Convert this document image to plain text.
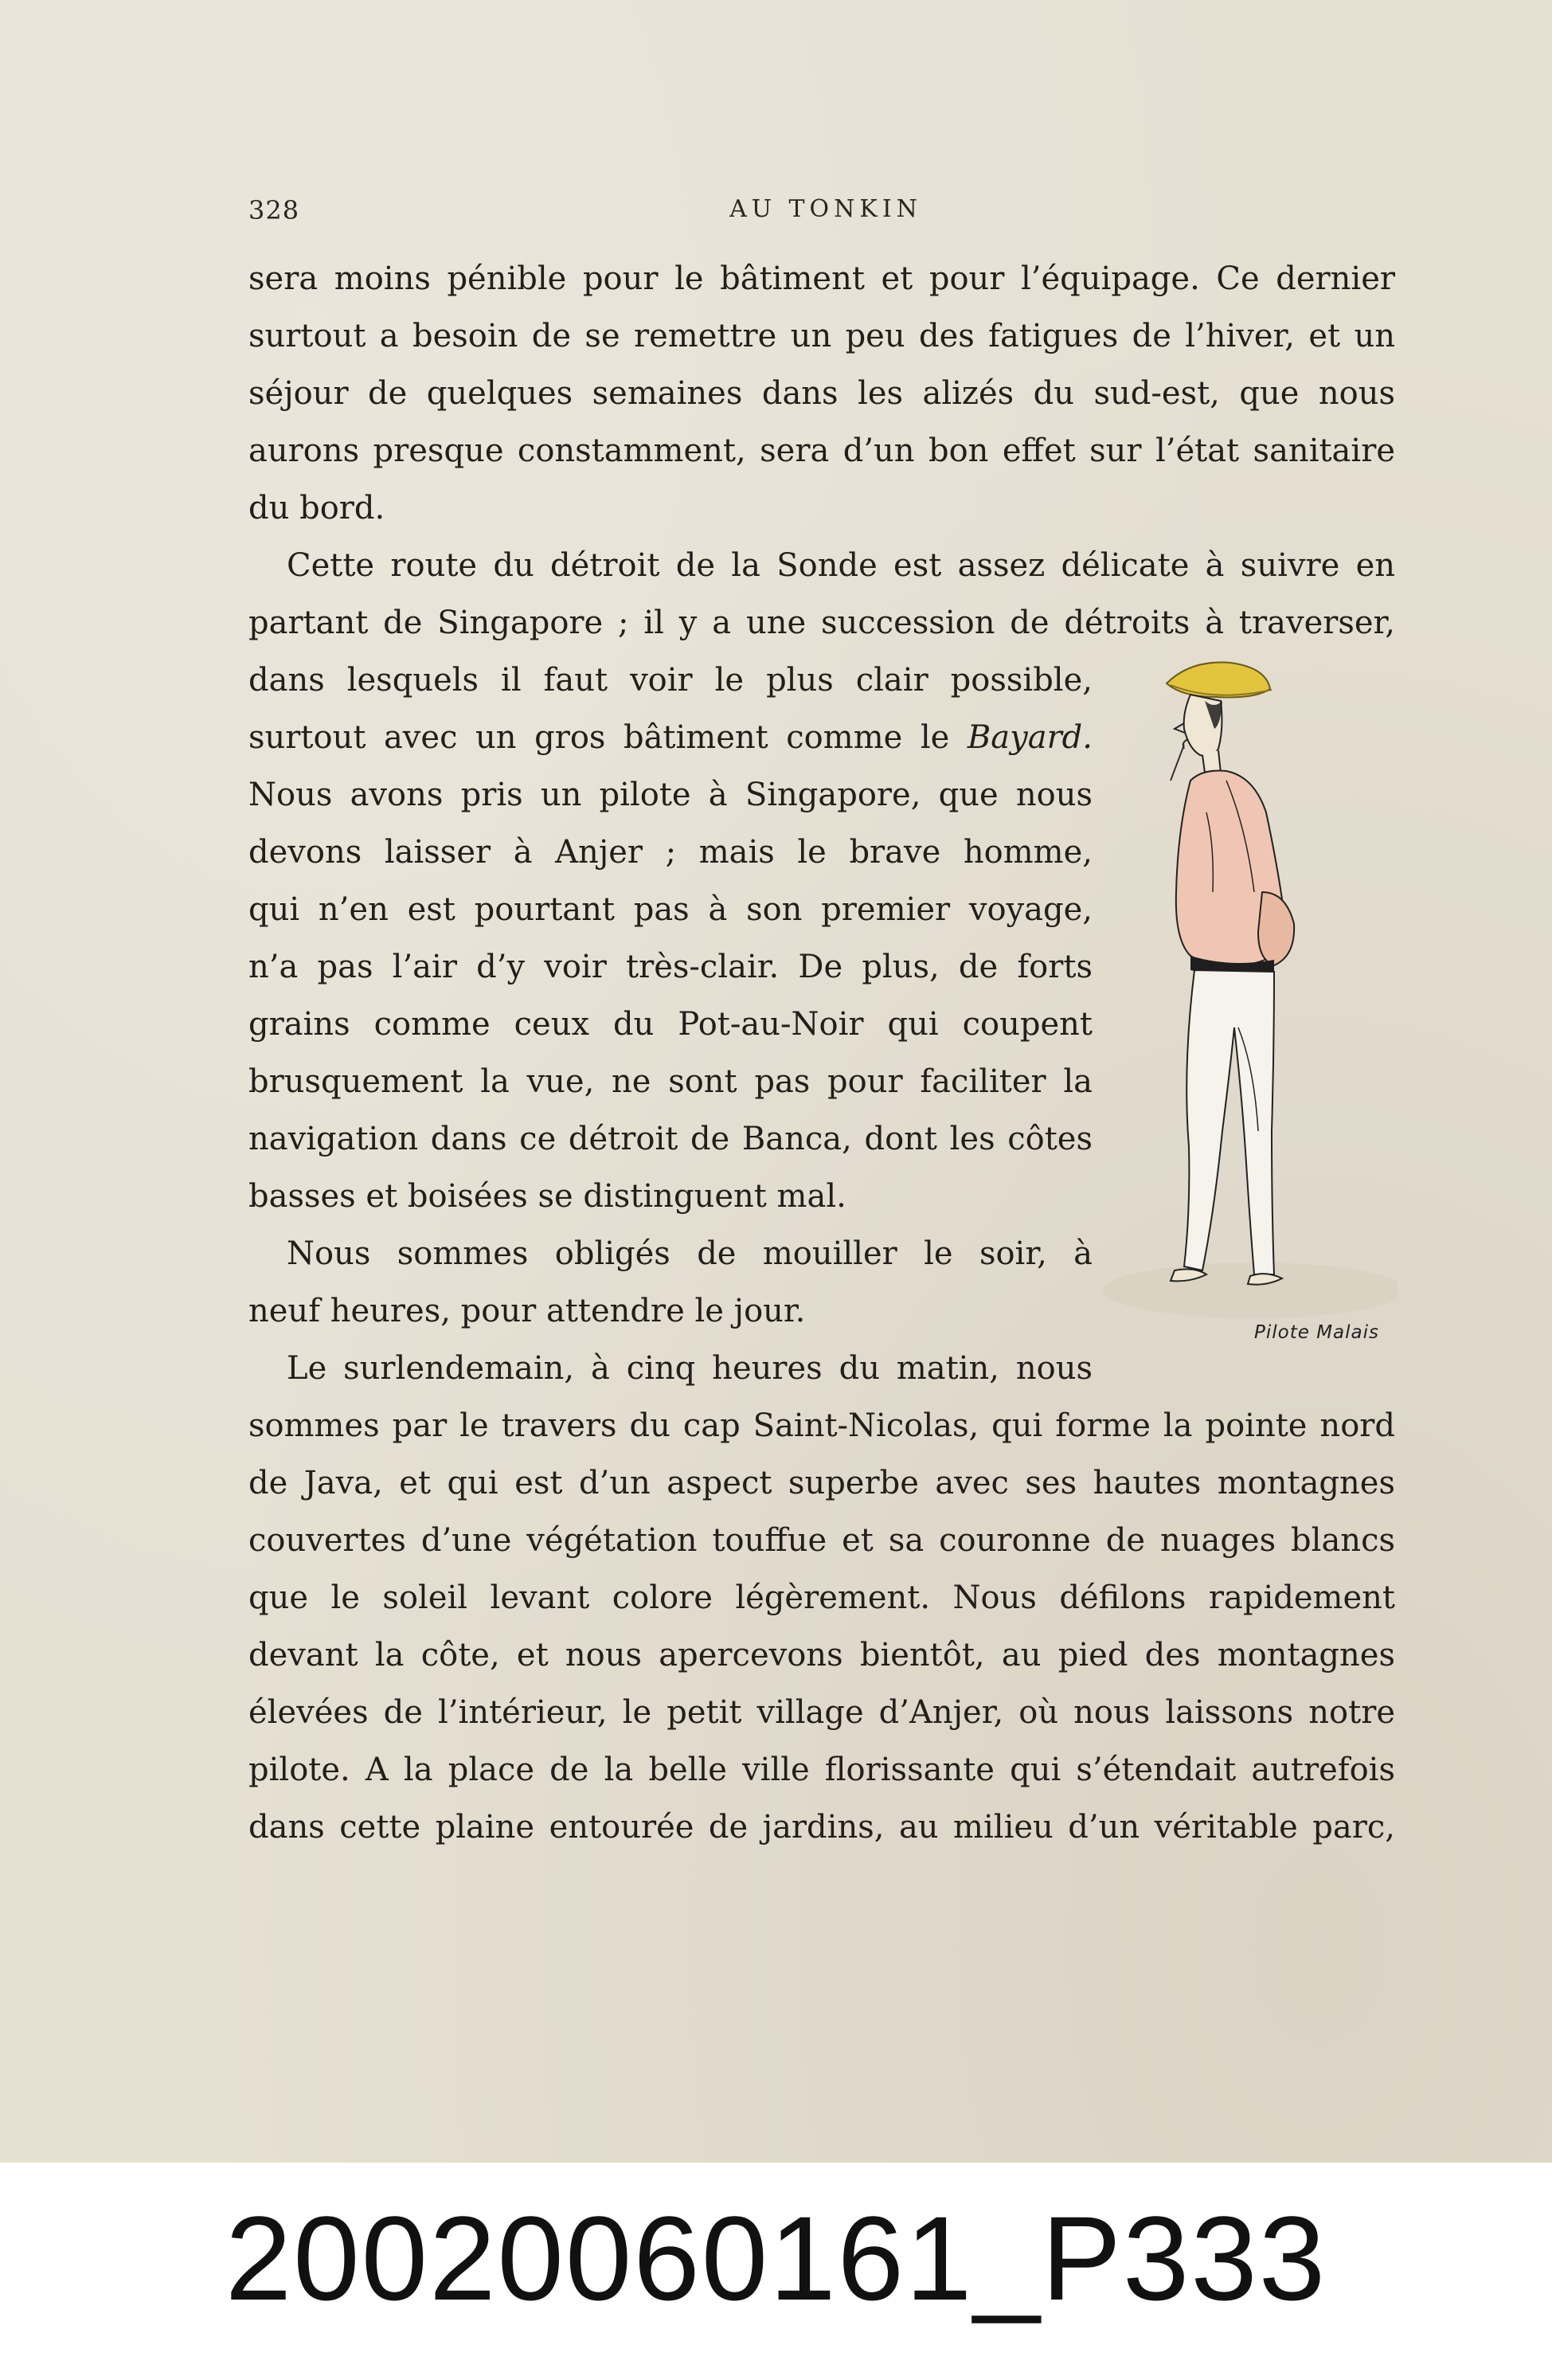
328	AU TONKIN
sera moins pénible pour le bâtiment et pour l’équipage. Ce dernier
surtout a besoin de se remettre un peu des fatigues de l’hiver, et un
séjour de quelques semaines dans les alizés du sud-est, que nous
aurons presque constamment, sera d’un bon effet sur l’état sanitaire
du bord.
Cette route du détroit de la Sonde est assez délicate à suivre en
partant de Singapore ; il y a une succession de détroits à traverser,
dans lesquels il faut voir le plus clair possible,
surtout avec un gros bâtiment comme le Bayard.
Nous avons pris un pilote à Singapore, que nous
devons laisser à Anjer ; mais le brave homme,
qui n’en est pourtant pas à son premier voyage,
n’a pas l’air d’y voir très-clair. De plus, de forts
grains comme ceux du Pot-au-Noir qui coupent
brusquement la vue, ne sont pas pour faciliter la
navigation dans ce détroit de Banca, dont les côtes
basses et boisées se distinguent mal.
Nous sommes obligés de mouiller le soir, à
neuf heures, pour attendre le jour.
Le surlendemain, à cinq heures du matin, nous
sommes par le travers du cap Saint-Nicolas, qui forme la pointe nord
de Java, et qui est d’un aspect superbe avec ses hautes montagnes
couvertes d’une végétation touffue et sa couronne de nuages blancs
que le soleil levant colore légèrement. Nous défilons rapidement
devant la côte, et nous apercevons bientôt, au pied des montagnes
élevées de l’intérieur, le petit village d’Anjer, où nous laissons notre
pilote. A la place de la belle ville florissante qui s’étendait autrefois
dans cette plaine entourée de jardins, au milieu d’un véritable parc,
Pilote Malais
20020060161_P333
